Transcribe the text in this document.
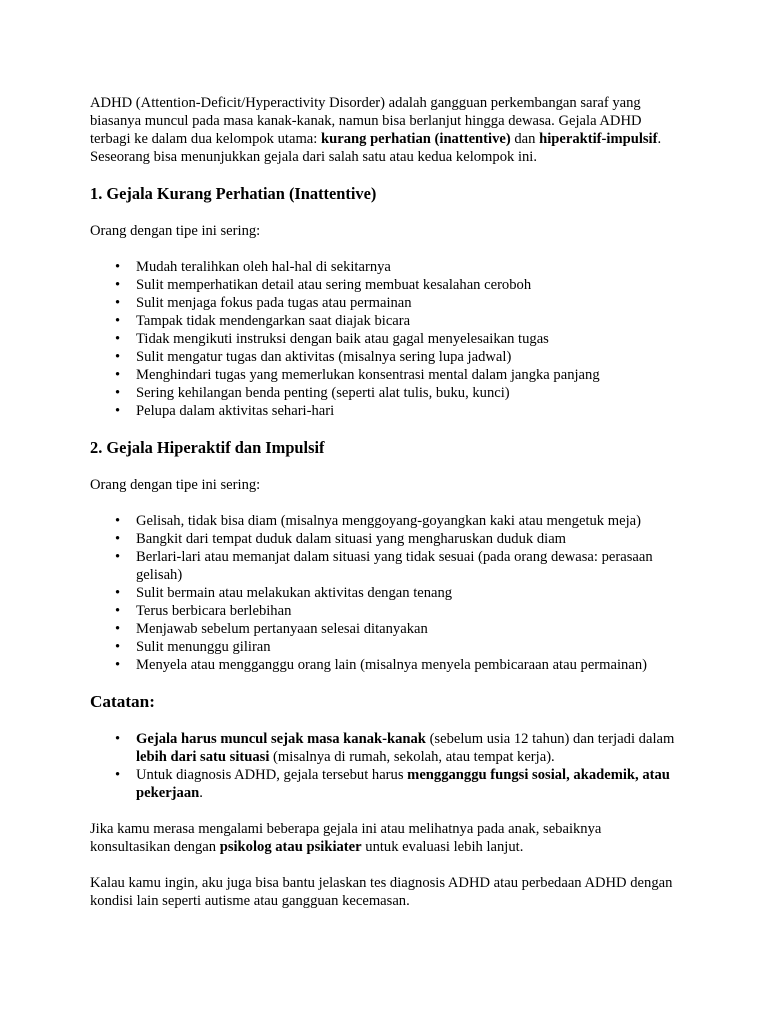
ADHD (Attention-Deficit/Hyperactivity Disorder) adalah gangguan perkembangan saraf yang biasanya muncul pada masa kanak-kanak, namun bisa berlanjut hingga dewasa. Gejala ADHD terbagi ke dalam dua kelompok utama: kurang perhatian (inattentive) dan hiperaktif-impulsif. Seseorang bisa menunjukkan gejala dari salah satu atau kedua kelompok ini.

1. Gejala Kurang Perhatian (Inattentive)

Orang dengan tipe ini sering:

• Mudah teralihkan oleh hal-hal di sekitarnya
• Sulit memperhatikan detail atau sering membuat kesalahan ceroboh
• Sulit menjaga fokus pada tugas atau permainan
• Tampak tidak mendengarkan saat diajak bicara
• Tidak mengikuti instruksi dengan baik atau gagal menyelesaikan tugas
• Sulit mengatur tugas dan aktivitas (misalnya sering lupa jadwal)
• Menghindari tugas yang memerlukan konsentrasi mental dalam jangka panjang
• Sering kehilangan benda penting (seperti alat tulis, buku, kunci)
• Pelupa dalam aktivitas sehari-hari
2. Gejala Hiperaktif dan Impulsif

Orang dengan tipe ini sering:

• Gelisah, tidak bisa diam (misalnya menggoyang-goyangkan kaki atau mengetuk meja)
• Bangkit dari tempat duduk dalam situasi yang mengharuskan duduk diam
• Berlari-lari atau memanjat dalam situasi yang tidak sesuai (pada orang dewasa: perasaan gelisah)
• Sulit bermain atau melakukan aktivitas dengan tenang
• Terus berbicara berlebihan
• Menjawab sebelum pertanyaan selesai ditanyakan
• Sulit menunggu giliran
• Menyela atau mengganggu orang lain (misalnya menyela pembicaraan atau permainan)
Catatan:
• Gejala harus muncul sejak masa kanak-kanak (sebelum usia 12 tahun) dan terjadi dalam lebih dari satu situasi (misalnya di rumah, sekolah, atau tempat kerja).
• Untuk diagnosis ADHD, gejala tersebut harus mengganggu fungsi sosial, akademik, atau pekerjaan.

Jika kamu merasa mengalami beberapa gejala ini atau melihatnya pada anak, sebaiknya konsultasikan dengan psikolog atau psikiater untuk evaluasi lebih lanjut.

Kalau kamu ingin, aku juga bisa bantu jelaskan tes diagnosis ADHD atau perbedaan ADHD dengan kondisi lain seperti autisme atau gangguan kecemasan.
